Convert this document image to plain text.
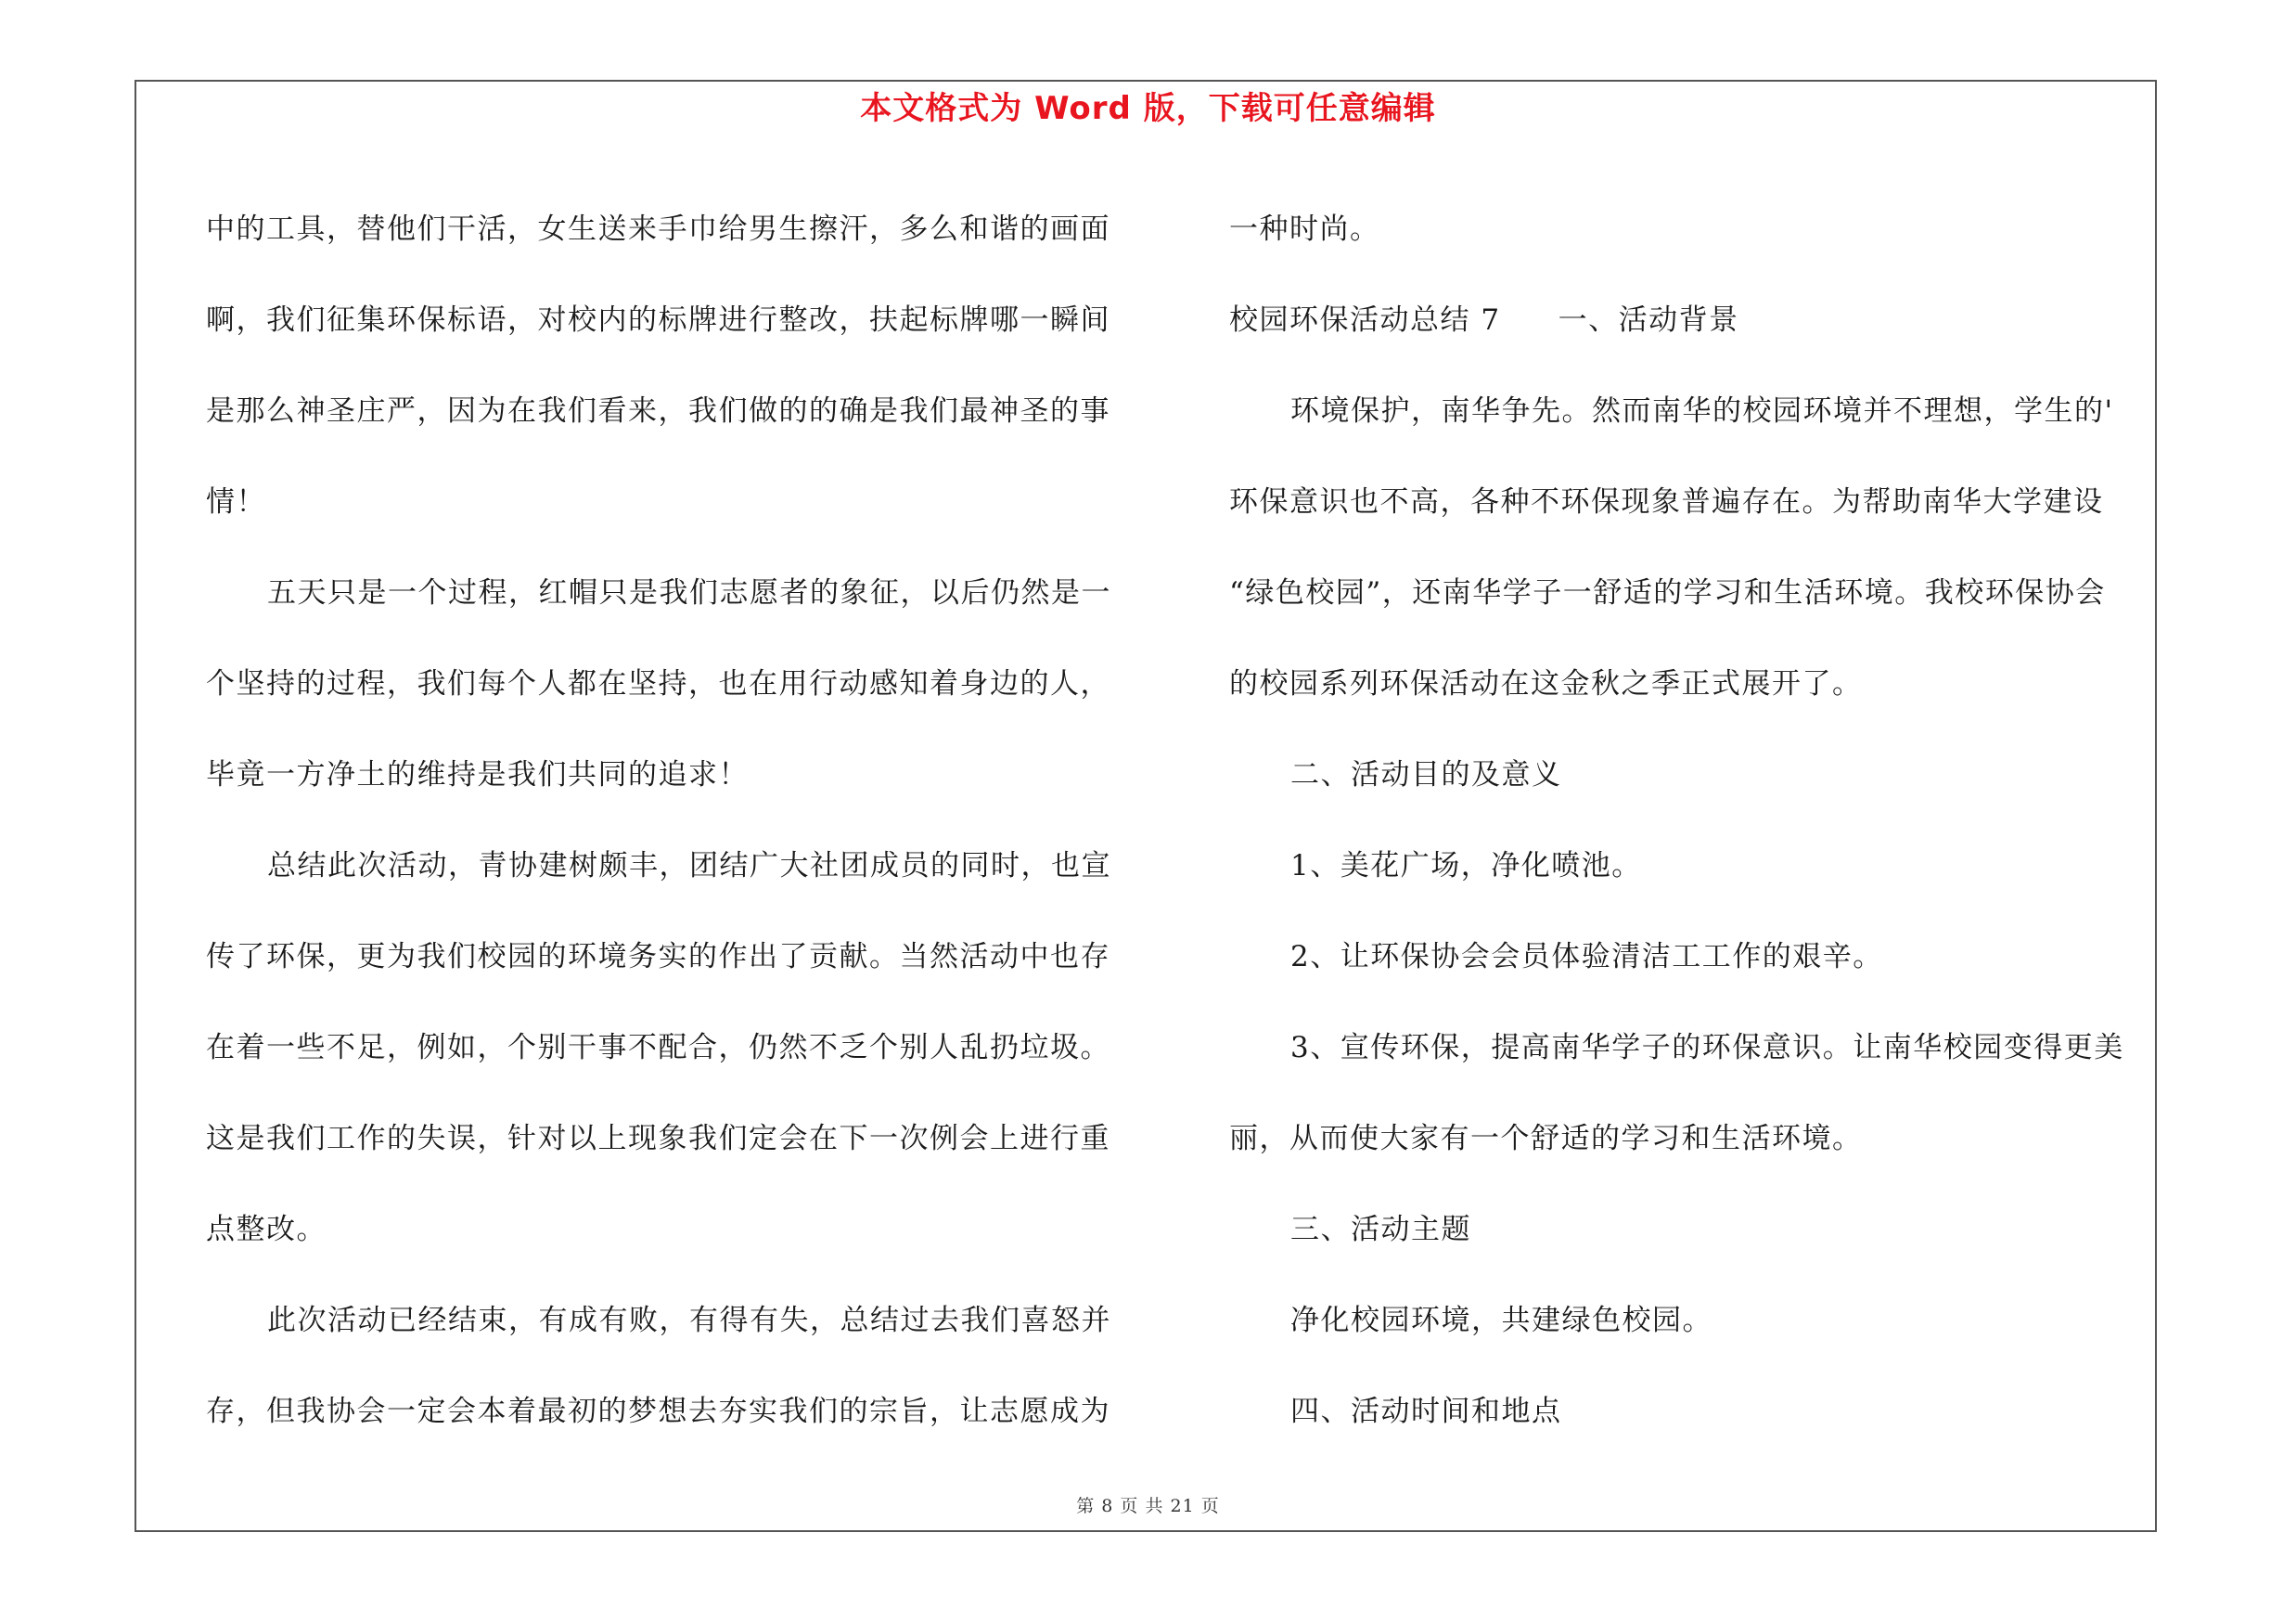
本文格式为 Word 版，下载可任意编辑
中的工具，替他们干活，女生送来手巾给男生擦汗，多么和谐的画面
啊，我们征集环保标语，对校内的标牌进行整改，扶起标牌哪一瞬间
是那么神圣庄严，因为在我们看来，我们做的的确是我们最神圣的事
情！
五天只是一个过程，红帽只是我们志愿者的象征，以后仍然是一
个坚持的过程，我们每个人都在坚持，也在用行动感知着身边的人，
毕竟一方净土的维持是我们共同的追求！
总结此次活动，青协建树颇丰，团结广大社团成员的同时，也宣
传了环保，更为我们校园的环境务实的作出了贡献。当然活动中也存
在着一些不足，例如，个别干事不配合，仍然不乏个别人乱扔垃圾。
这是我们工作的失误，针对以上现象我们定会在下一次例会上进行重
点整改。
此次活动已经结束，有成有败，有得有失，总结过去我们喜怒并
存，但我协会一定会本着最初的梦想去夯实我们的宗旨，让志愿成为
一种时尚。
校园环保活动总结 7 一、活动背景
环境保护，南华争先。然而南华的校园环境并不理想，学生的'
环保意识也不高，各种不环保现象普遍存在。为帮助南华大学建设
“绿色校园”，还南华学子一舒适的学习和生活环境。我校环保协会
的校园系列环保活动在这金秋之季正式展开了。
二、活动目的及意义
1、美花广场，净化喷池。
2、让环保协会会员体验清洁工工作的艰辛。
3、宣传环保，提高南华学子的环保意识。让南华校园变得更美
丽，从而使大家有一个舒适的学习和生活环境。
三、活动主题
净化校园环境，共建绿色校园。
四、活动时间和地点
第 8 页 共 21 页
